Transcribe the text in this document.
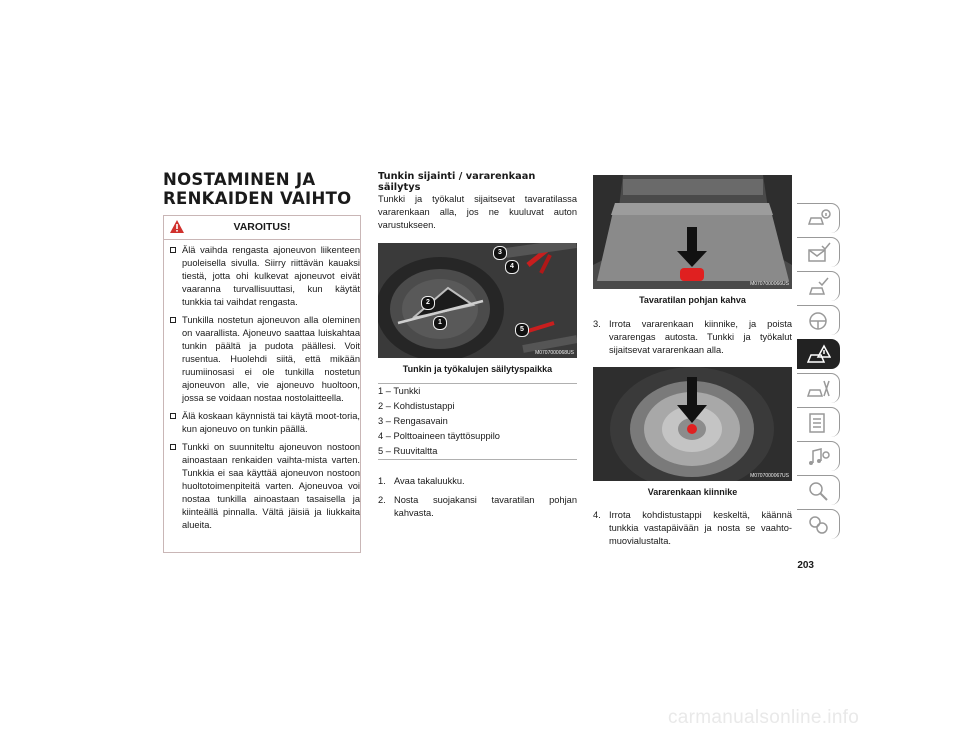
NOSTAMINEN JA
RENKAIDEN VAIHTO
VAROITUS!
Älä vaihda rengasta ajoneuvon liikenteen puoleisella sivulla. Siirry riittävän kauaksi tiestä, jotta ohi kulkevat ajoneuvot eivät vaaranna turvallisuuttasi, kun käytät tunkkia tai vaihdat rengasta.
Tunkilla nostetun ajoneuvon alla oleminen on vaarallista. Ajoneuvo saattaa luiskahtaa tunkin päältä ja pudota päällesi. Voit rusentua. Huolehdi siitä, että mikään ruumiinosasi ei ole tunkilla nostetun ajoneuvon alle, vie ajoneuvo huoltoon, jossa se voidaan nostaa nostolaitteella.
Älä koskaan käynnistä tai käytä moot-toria, kun ajoneuvo on tunkin päällä.
Tunkki on suunniteltu ajoneuvon nostoon ainoastaan renkaiden vaihta-mista varten. Tunkkia ei saa käyttää ajoneuvon nostoon huoltotoimenpiteitä varten. Ajoneuvoa voi nostaa tunkilla ainoastaan tasaisella ja kiinteällä pinnalla. Vältä jäisiä ja liukkaita alueita.
Tunkin sijainti / vararenkaan säilytys

Tunkki ja työkalut sijaitsevat tavaratilassa vararenkaan alla, jos ne kuuluvat auton varustukseen.

3
4
2
1
5
M0707000068US
Tunkin ja työkalujen säilytyspaikka
1 – Tunkki
2 – Kohdistustappi
3 – Rengasavain
4 – Polttoaineen täyttösuppilo
5 – Ruuvitaltta
1. Avaa takaluukku.
2. Nosta suojakansi tavaratilan pohjan kahvasta.
M0707000066US
Tavaratilan pohjan kahva
3. Irrota vararenkaan kiinnike, ja poista vararengas autosta. Tunkki ja työkalut sijaitsevat vararenkaan alla.
M0707000067US
Vararenkaan kiinnike
4. Irrota kohdistustappi keskeltä, käännä tunkkia vastapäivään ja nosta se vaahto-muovialustalta.
203
carmanualsonline.info
